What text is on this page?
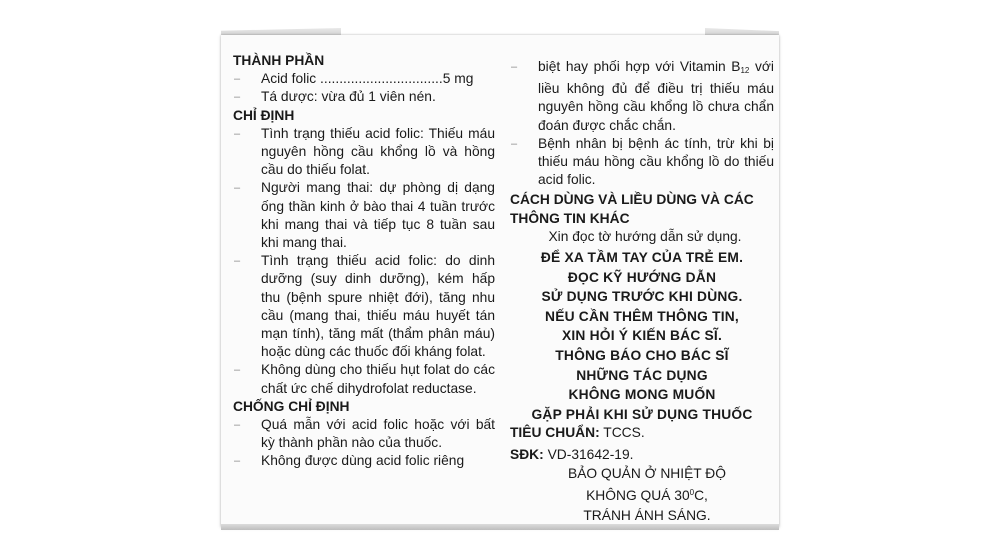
THÀNH PHẦN
–	Acid folic ................................5 mg
–	Tá dược: vừa đủ 1 viên nén.
CHỈ ĐỊNH
–	Tình trạng thiếu acid folic: Thiếu máu nguyên hồng cầu khổng lồ và hồng cầu do thiếu folat.
–	Người mang thai: dự phòng dị dạng ống thần kinh ở bào thai 4 tuần trước khi mang thai và tiếp tục 8 tuần sau khi mang thai.
–	Tình trạng thiếu acid folic: do dinh dưỡng (suy dinh dưỡng), kém hấp thu (bệnh spure nhiệt đới), tăng nhu cầu (mang thai, thiếu máu huyết tán mạn tính), tăng mất (thẩm phân máu) hoặc dùng các thuốc đối kháng folat.
–	Không dùng cho thiếu hụt folat do các chất ức chế dihydrofolat reductase.
CHỐNG CHỈ ĐỊNH
–	Quá mẫn với acid folic hoặc với bất kỳ thành phần nào của thuốc.
–	Không được dùng acid folic riêng
–	biệt hay phối hợp với Vitamin $B_{12}$ với liều không đủ để điều trị thiếu máu nguyên hồng cầu khổng lồ chưa chẩn đoán được chắc chắn.
–	Bệnh nhân bị bệnh ác tính, trừ khi bị thiếu máu hồng cầu khổng lồ do thiếu acid folic.
CÁCH DÙNG VÀ LIỀU DÙNG VÀ CÁC
THÔNG TIN KHÁC
Xin đọc tờ hướng dẫn sử dụng.
ĐỂ XA TẦM TAY CỦA TRẺ EM.
ĐỌC KỸ HƯỚNG DẪN
SỬ DỤNG TRƯỚC KHI DÙNG.
NẾU CẦN THÊM THÔNG TIN,
XIN HỎI Ý KIẾN BÁC SĨ.
THÔNG BÁO CHO BÁC SĨ
NHỮNG TÁC DỤNG
KHÔNG MONG MUỐN
GẶP PHẢI KHI SỬ DỤNG THUỐC
TIÊU CHUẨN: TCCS.
SĐK: VD-31642-19.
BẢO QUẢN Ở NHIỆT ĐỘ
KHÔNG QUÁ $30^0C$,
TRÁNH ÁNH SÁNG.
